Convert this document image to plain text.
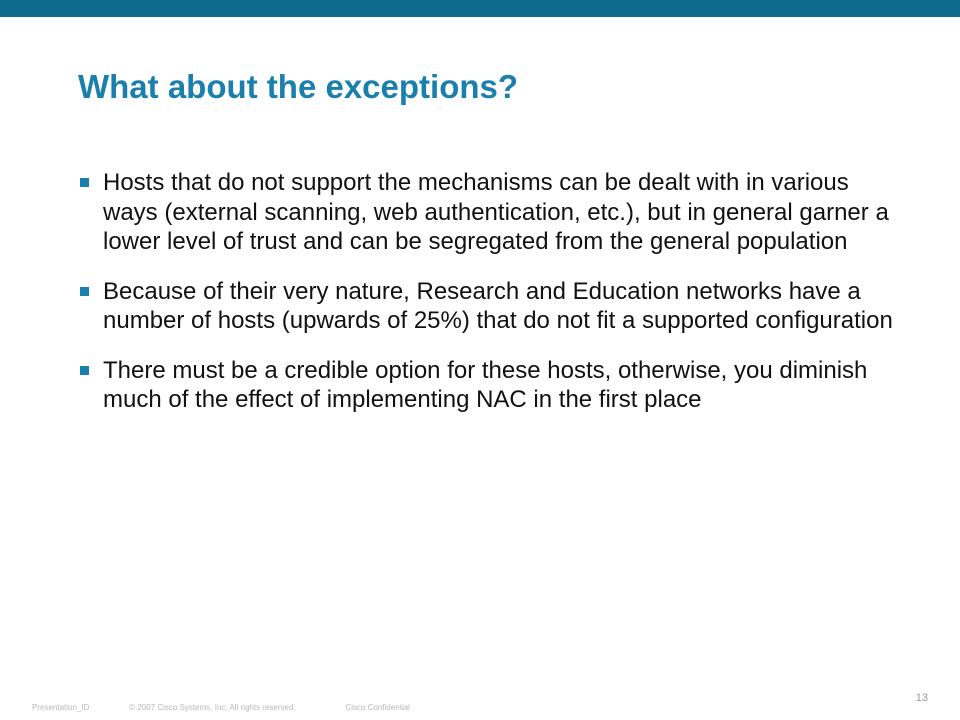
What about the exceptions?
Hosts that do not support the mechanisms can be dealt with in various ways (external scanning, web authentication, etc.), but in general garner a lower level of trust and can be segregated from the general population
Because of their very nature, Research and Education networks have a number of hosts (upwards of 25%) that do not fit a supported configuration
There must be a credible option for these hosts, otherwise, you diminish much of the effect of implementing NAC in the first place
Presentation_ID	© 2007 Cisco Systems, Inc. All rights reserved.	Cisco Confidential
13
